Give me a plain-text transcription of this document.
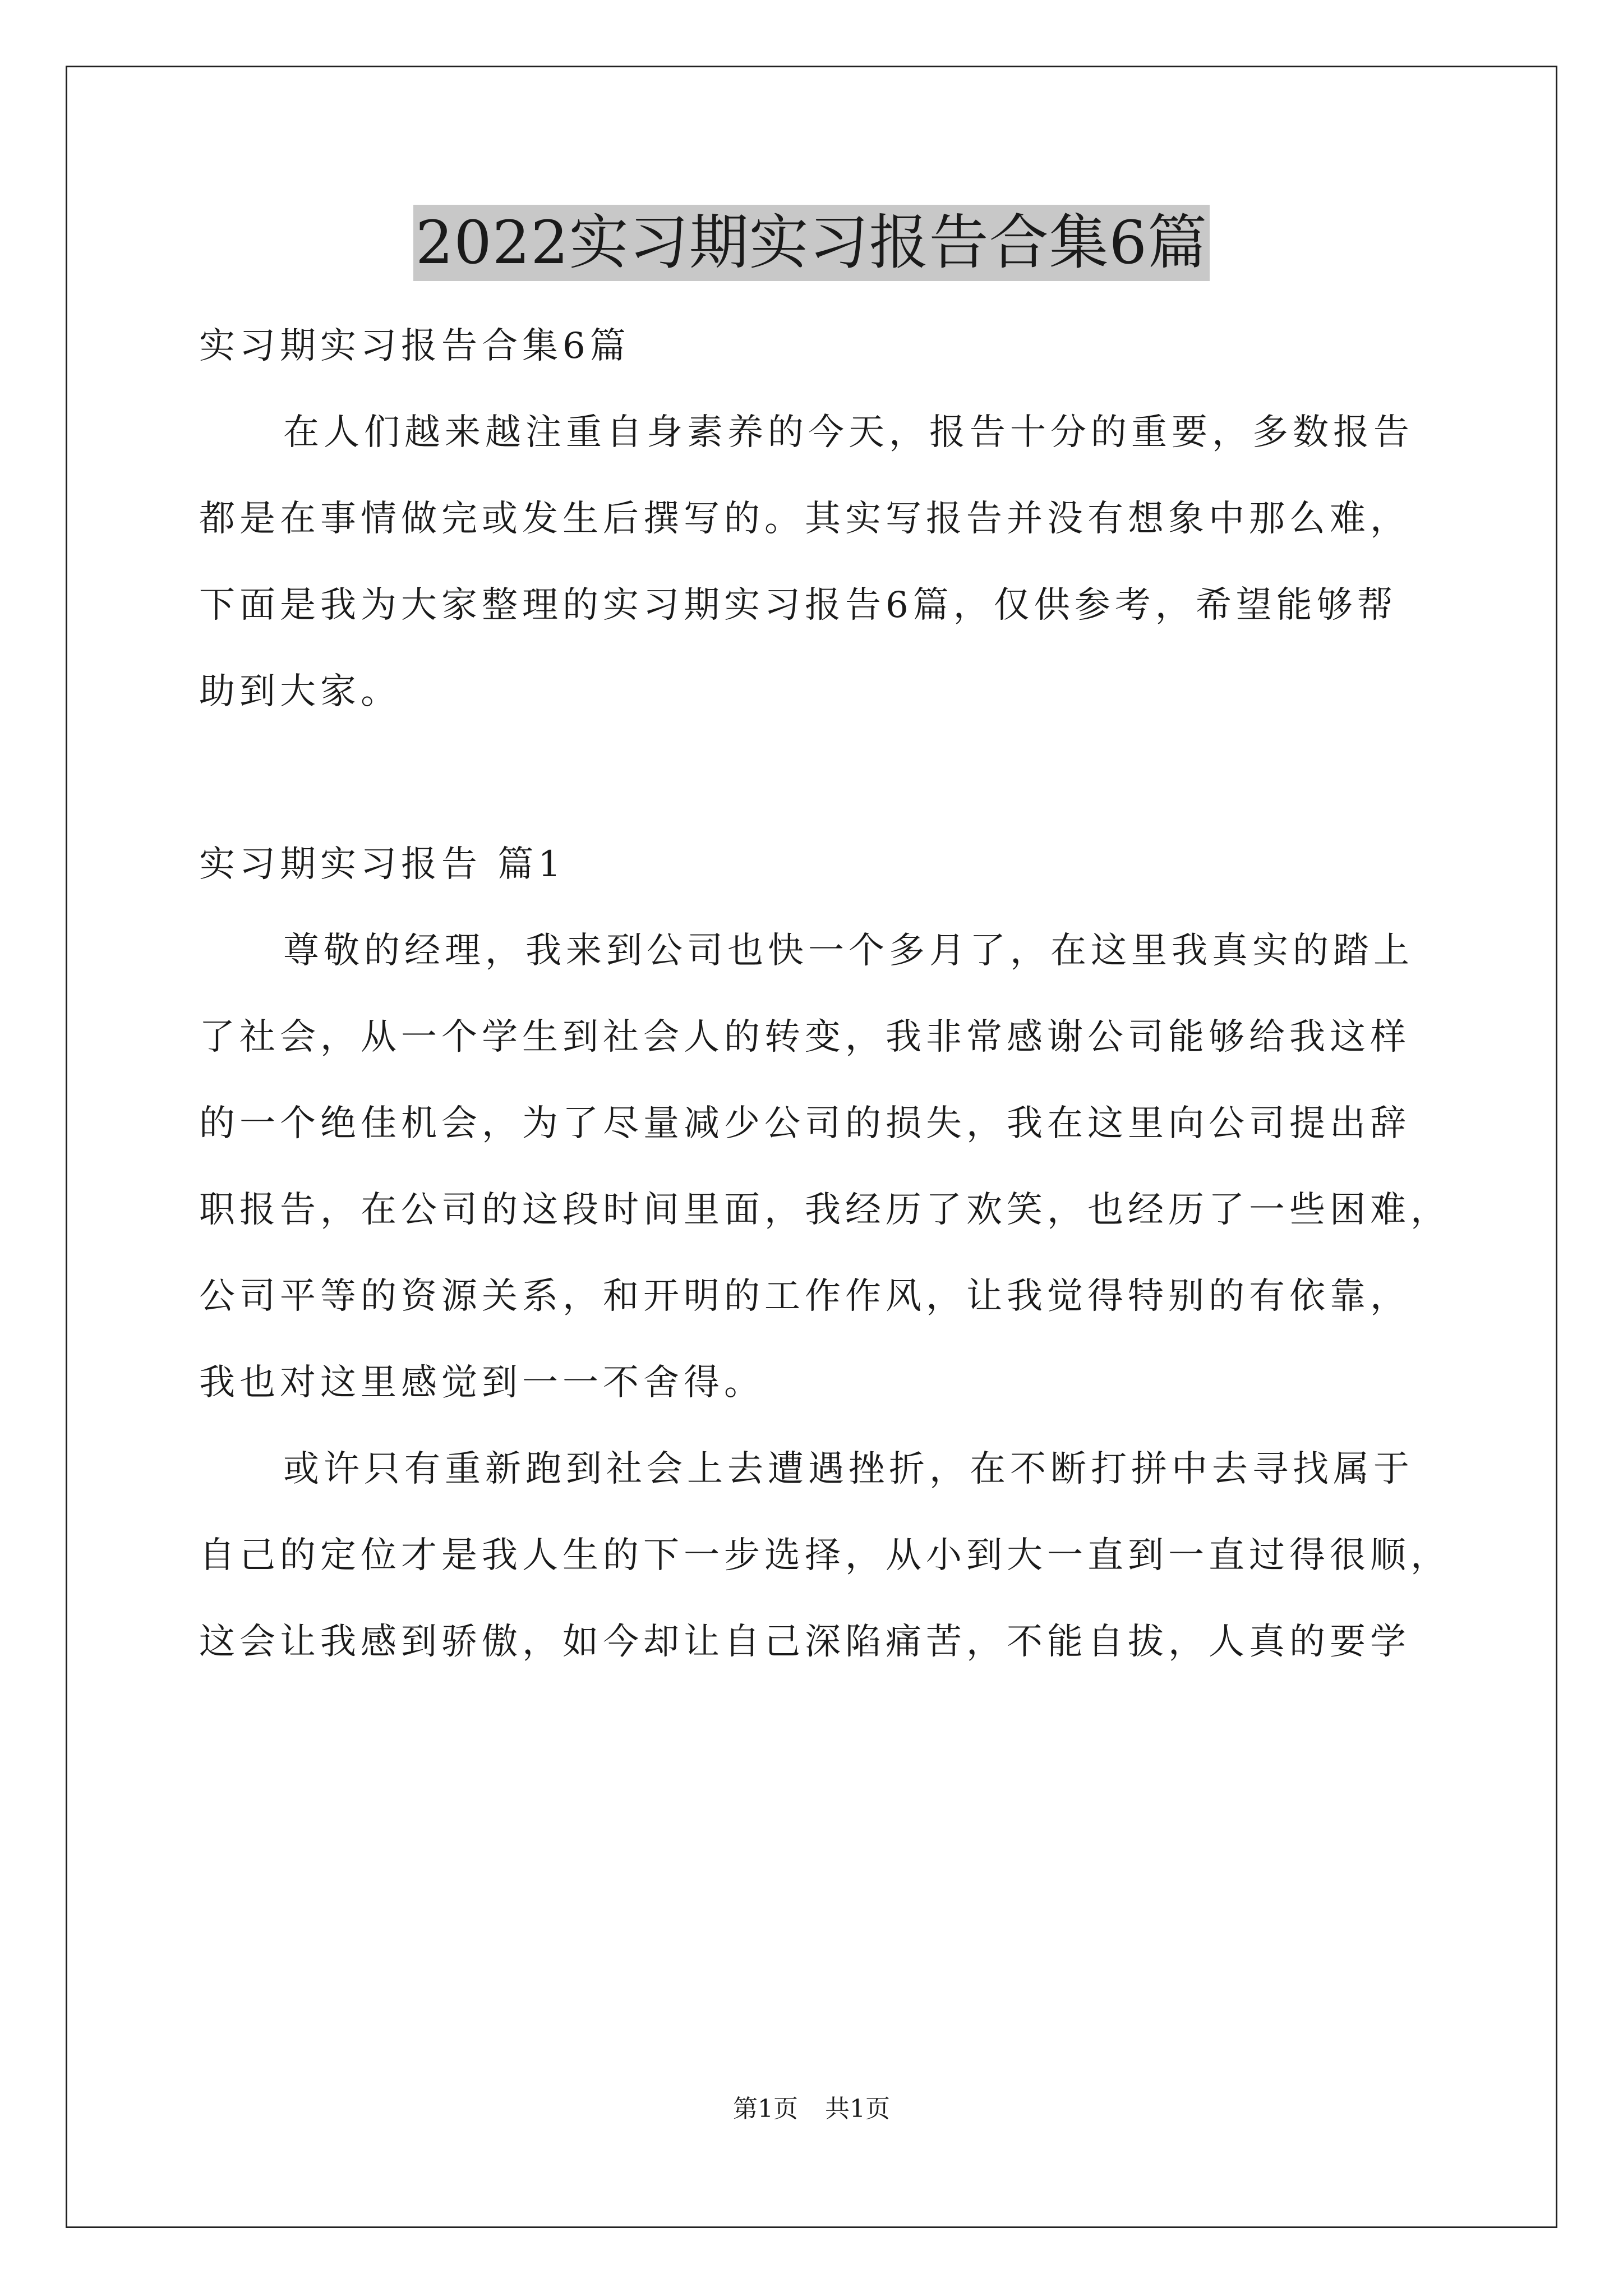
2022实习期实习报告合集6篇
实习期实习报告合集6篇
在人们越来越注重自身素养的今天，报告十分的重要，多数报告
都是在事情做完或发生后撰写的。其实写报告并没有想象中那么难，
下面是我为大家整理的实习期实习报告6篇，仅供参考，希望能够帮
助到大家。
实习期实习报告 篇1
尊敬的经理，我来到公司也快一个多月了，在这里我真实的踏上
了社会，从一个学生到社会人的转变，我非常感谢公司能够给我这样
的一个绝佳机会，为了尽量减少公司的损失，我在这里向公司提出辞
职报告，在公司的这段时间里面，我经历了欢笑，也经历了一些困难，
公司平等的资源关系，和开明的工作作风，让我觉得特别的有依靠，
我也对这里感觉到一一不舍得。
或许只有重新跑到社会上去遭遇挫折，在不断打拼中去寻找属于
自己的定位才是我人生的下一步选择，从小到大一直到一直过得很顺，
这会让我感到骄傲，如今却让自己深陷痛苦，不能自拔，人真的要学
第1页 共1页
